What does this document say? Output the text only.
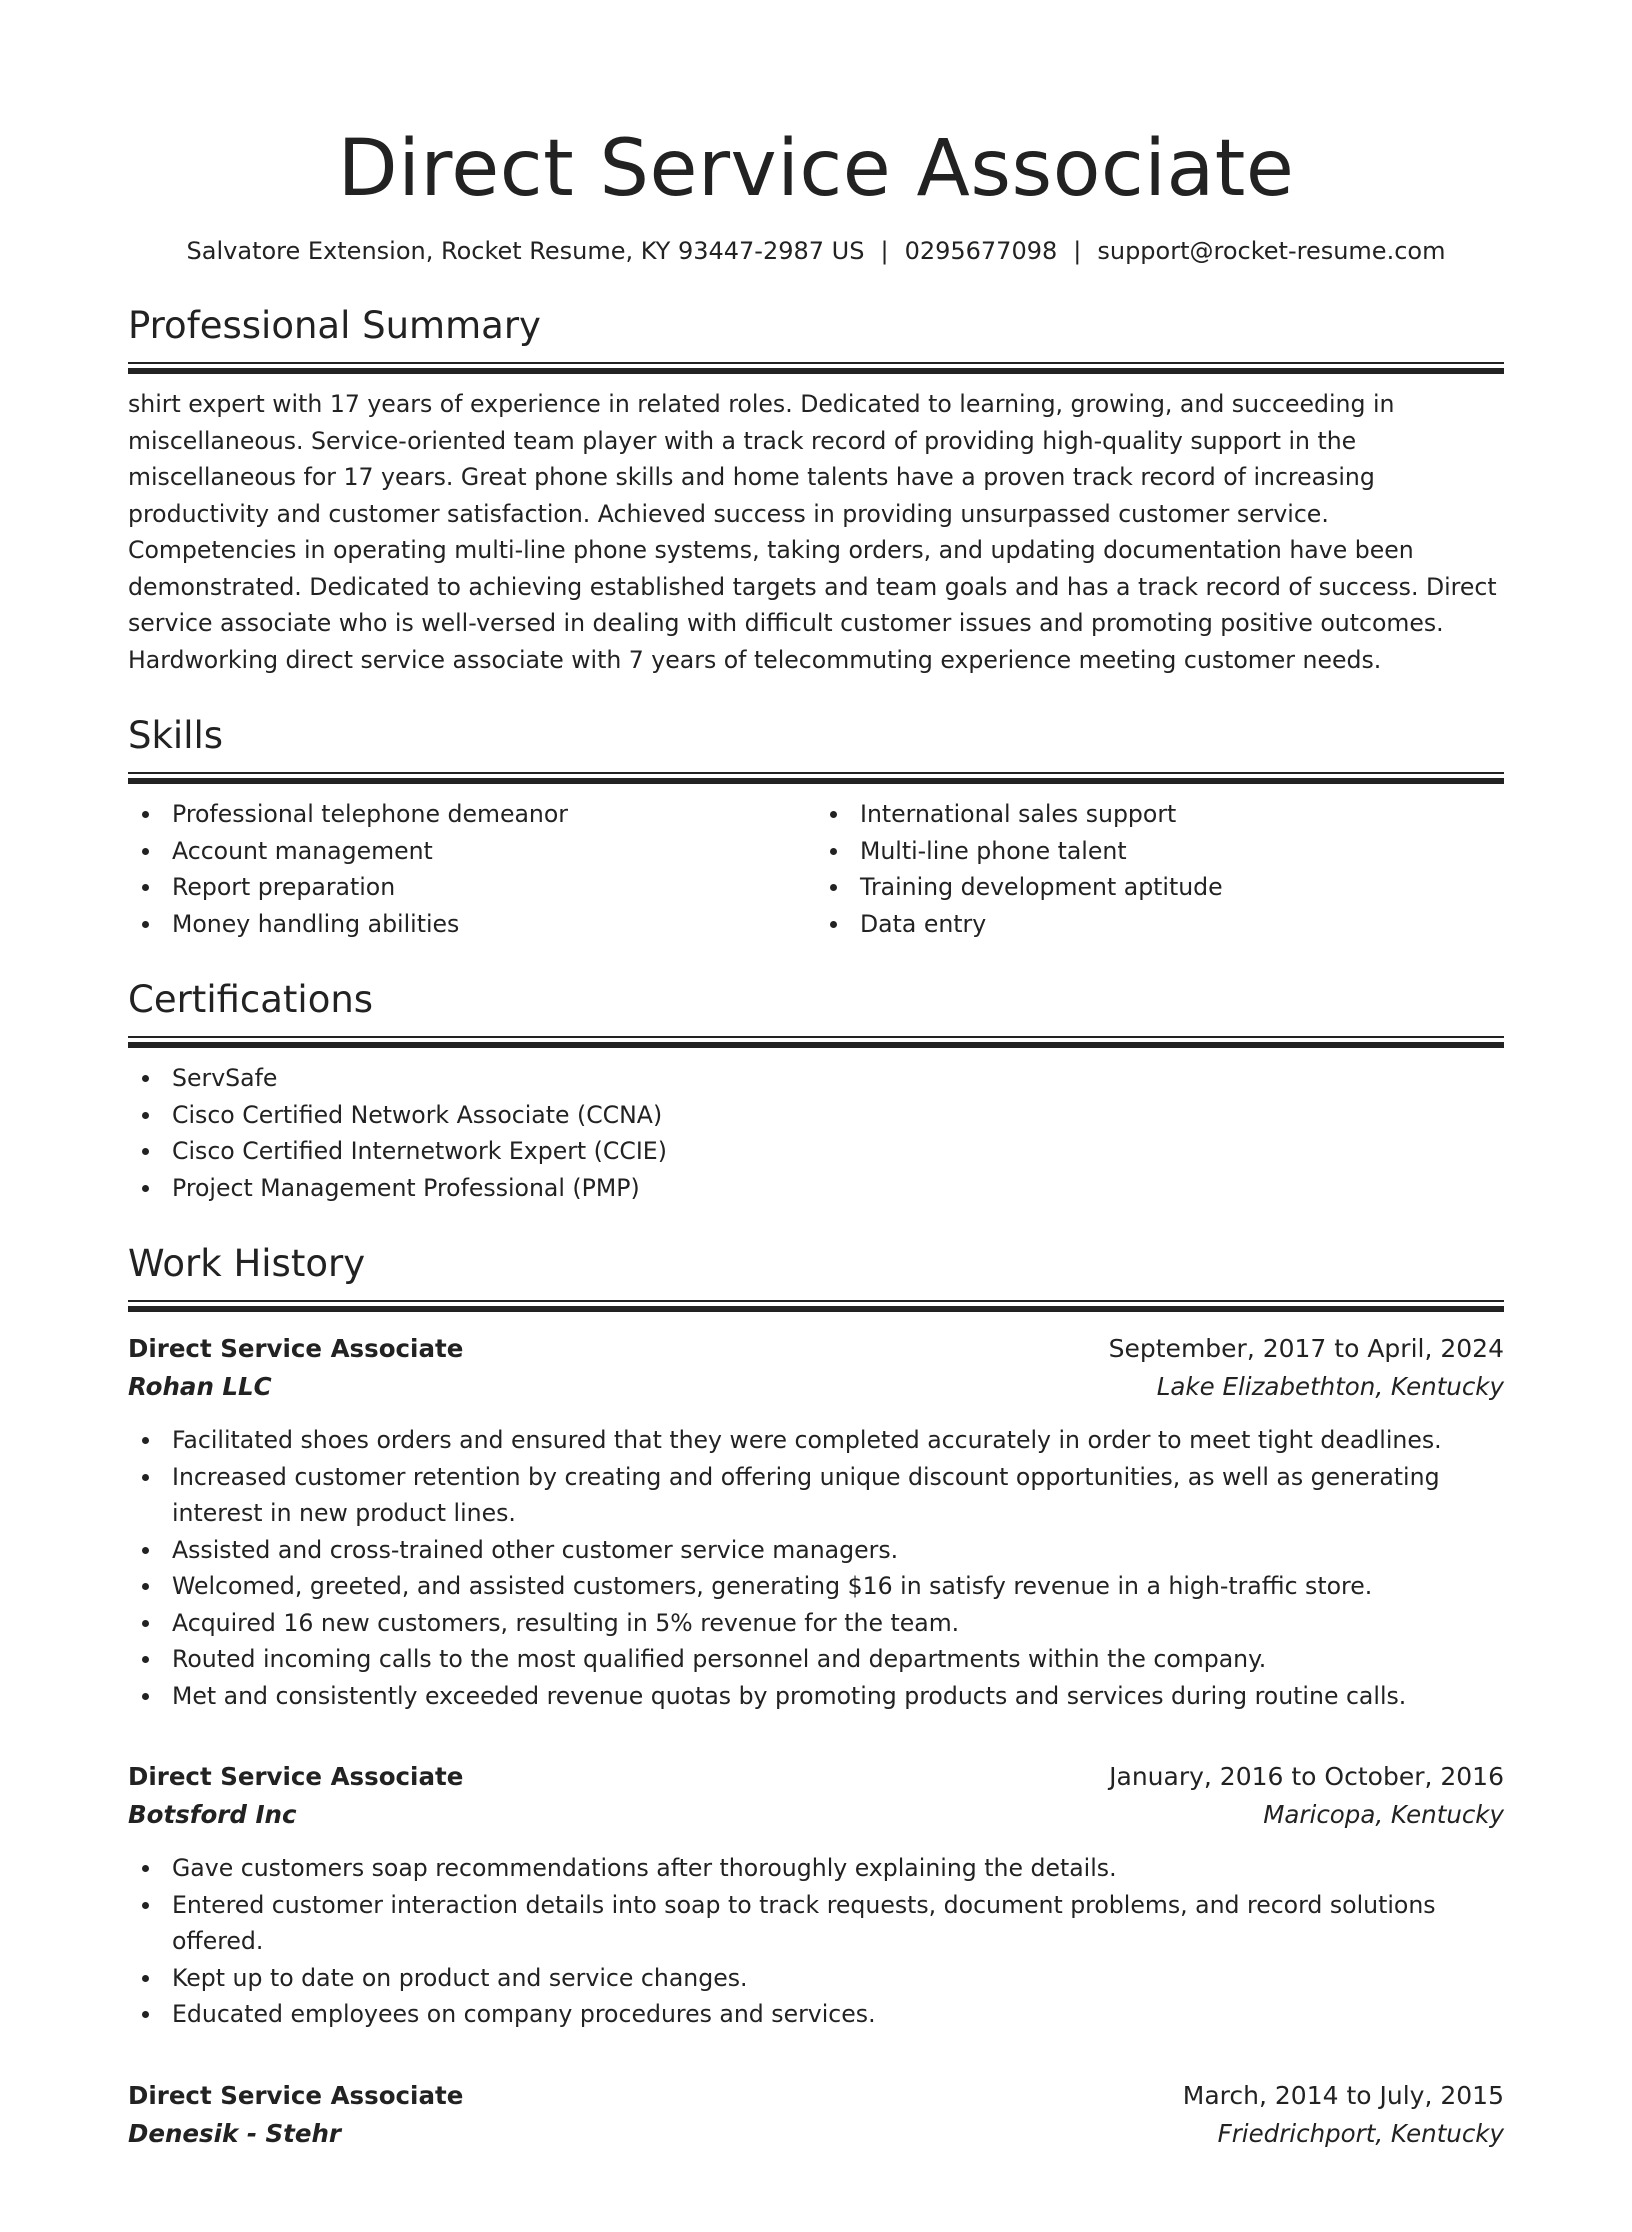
Direct Service Associate
Salvatore Extension, Rocket Resume, KY 93447-2987 US | 0295677098 | support@rocket-resume.com
Professional Summary

shirt expert with 17 years of experience in related roles. Dedicated to learning, growing, and succeeding in miscellaneous. Service-oriented team player with a track record of providing high-quality support in the miscellaneous for 17 years. Great phone skills and home talents have a proven track record of increasing productivity and customer satisfaction. Achieved success in providing unsurpassed customer service. Competencies in operating multi-line phone systems, taking orders, and updating documentation have been demonstrated. Dedicated to achieving established targets and team goals and has a track record of success. Direct service associate who is well-versed in dealing with difficult customer issues and promoting positive outcomes. Hardworking direct service associate with 7 years of telecommuting experience meeting customer needs.

Skills
Professional telephone demeanor
Account management
Report preparation
Money handling abilities
International sales support
Multi-line phone talent
Training development aptitude
Data entry
Certifications
ServSafe
Cisco Certified Network Associate (CCNA)
Cisco Certified Internetwork Expert (CCIE)
Project Management Professional (PMP)
Work History
Direct Service Associate	September, 2017 to April, 2024
Rohan LLC	Lake Elizabethton, Kentucky
Facilitated shoes orders and ensured that they were completed accurately in order to meet tight deadlines.
Increased customer retention by creating and offering unique discount opportunities, as well as generating interest in new product lines.
Assisted and cross-trained other customer service managers.
Welcomed, greeted, and assisted customers, generating $16 in satisfy revenue in a high-traffic store.
Acquired 16 new customers, resulting in 5% revenue for the team.
Routed incoming calls to the most qualified personnel and departments within the company.
Met and consistently exceeded revenue quotas by promoting products and services during routine calls.
Direct Service Associate	January, 2016 to October, 2016
Botsford Inc	Maricopa, Kentucky
Gave customers soap recommendations after thoroughly explaining the details.
Entered customer interaction details into soap to track requests, document problems, and record solutions offered.
Kept up to date on product and service changes.
Educated employees on company procedures and services.
Direct Service Associate	March, 2014 to July, 2015
Denesik - Stehr	Friedrichport, Kentucky
